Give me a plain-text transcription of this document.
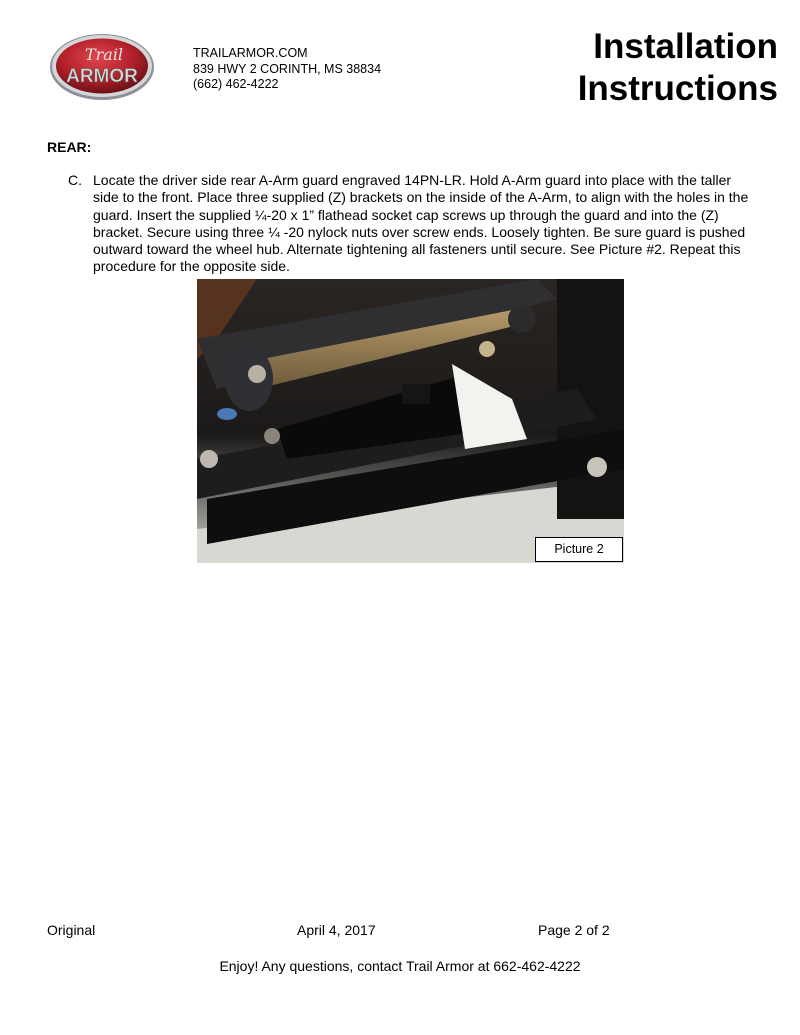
Trail
ARMOR
TRAILARMOR.COM
839 HWY 2 CORINTH, MS 38834
(662) 462-4222
Installation
Instructions
REAR:
C. Locate the driver side rear A-Arm guard engraved 14PN-LR. Hold A-Arm guard into place with the taller side to the front. Place three supplied (Z) brackets on the inside of the A-Arm, to align with the holes in the guard. Insert the supplied ¼-20 x 1” flathead socket cap screws up through the guard and into the (Z) bracket. Secure using three ¼ -20 nylock nuts over screw ends. Loosely tighten. Be sure guard is pushed outward toward the wheel hub. Alternate tightening all fasteners until secure. See Picture #2. Repeat this procedure for the opposite side.
Picture 2
Original	April 4, 2017	Page 2 of 2
Enjoy! Any questions, contact Trail Armor at 662-462-4222
